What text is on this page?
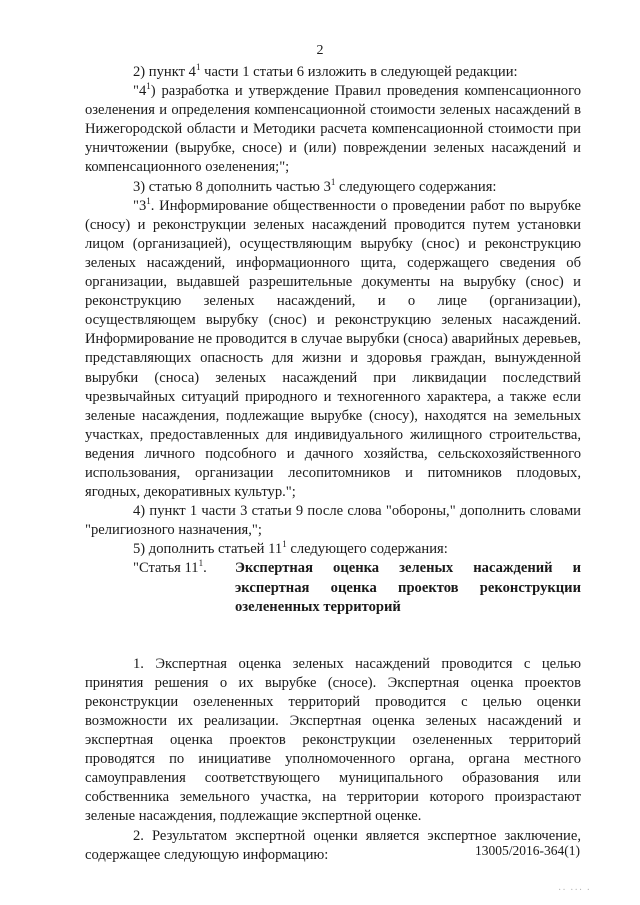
2

2) пункт $4^1$ части 1 статьи 6 изложить в следующей редакции:

"$4^1$) разработка и утверждение Правил проведения компенсационного озеленения и определения компенсационной стоимости зеленых насаждений в Нижегородской области и Методики расчета компенсационной стоимости при уничтожении (вырубке, сносе) и (или) повреждении зеленых насаждений и компенсационного озеленения;";

3) статью 8 дополнить частью $3^1$ следующего содержания:

"$3^1$. Информирование общественности о проведении работ по вырубке (сносу) и реконструкции зеленых насаждений проводится путем установки лицом (организацией), осуществляющим вырубку (снос) и реконструкцию зеленых насаждений, информационного щита, содержащего сведения об организации, выдавшей разрешительные документы на вырубку (снос) и реконструкцию зеленых насаждений, и о лице (организации), осуществляющем вырубку (снос) и реконструкцию зеленых насаждений. Информирование не проводится в случае вырубки (сноса) аварийных деревьев, представляющих опасность для жизни и здоровья граждан, вынужденной вырубки (сноса) зеленых насаждений при ликвидации последствий чрезвычайных ситуаций природного и техногенного характера, а также если зеленые насаждения, подлежащие вырубке (сносу), находятся на земельных участках, предоставленных для индивидуального жилищного строительства, ведения личного подсобного и дачного хозяйства, сельскохозяйственного использования, организации лесопитомников и питомников плодовых, ягодных, декоративных культур.";

4) пункт 1 части 3 статьи 9 после слова "обороны," дополнить словами "религиозного назначения,";

5) дополнить статьей $11^1$ следующего содержания:

"Статья $11^1$.	Экспертная оценка зеленых насаждений и экспертная оценка проектов реконструкции озелененных территорий

1. Экспертная оценка зеленых насаждений проводится с целью принятия решения о их вырубке (сносе). Экспертная оценка проектов реконструкции озелененных территорий проводится с целью оценки возможности их реализации. Экспертная оценка зеленых насаждений и экспертная оценка проектов реконструкции озелененных территорий проводятся по инициативе уполномоченного органа, органа местного самоуправления соответствующего муниципального образования или собственника земельного участка, на территории которого произрастают зеленые насаждения, подлежащие экспертной оценке.

2. Результатом экспертной оценки является экспертное заключение, содержащее следующую информацию:	13005/2016-364(1)
·· ··· ·
